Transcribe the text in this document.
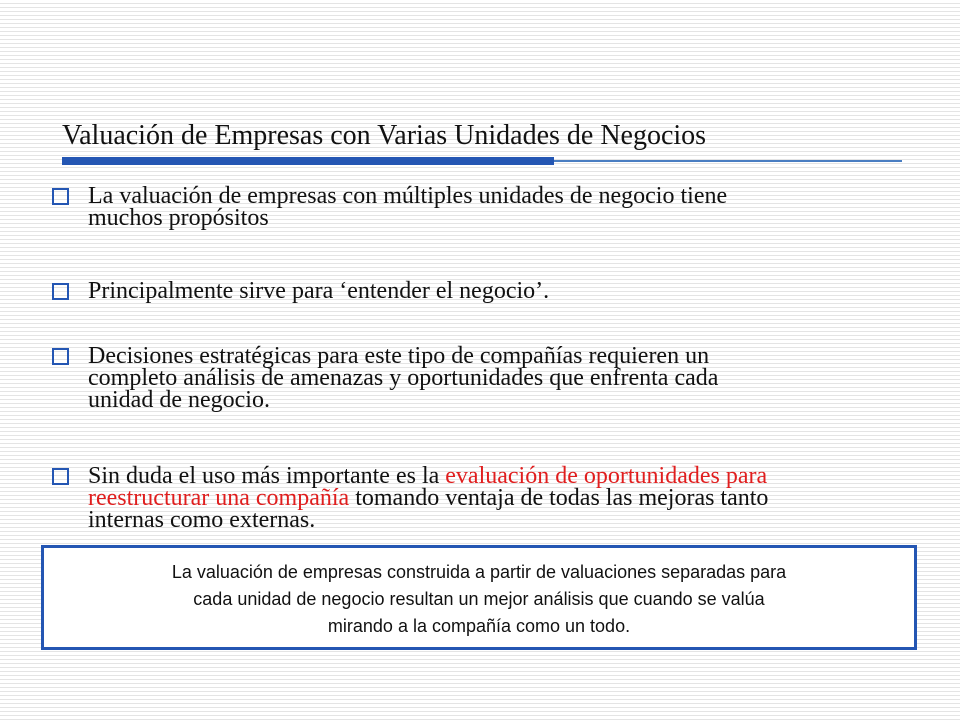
Valuación de Empresas con Varias Unidades de Negocios
La valuación de empresas con múltiples unidades de negocio tiene
muchos propósitos
Principalmente sirve para ‘entender el negocio’.
Decisiones estratégicas para este tipo de compañías requieren un
completo análisis de amenazas y oportunidades que enfrenta cada
unidad de negocio.
Sin duda el uso más importante es la evaluación de oportunidades para
reestructurar una compañía tomando ventaja de todas las mejoras tanto
internas como externas.
La valuación de empresas construida a partir de valuaciones separadas para
cada unidad de negocio resultan un mejor análisis que cuando se valúa
mirando a la compañía como un todo.
